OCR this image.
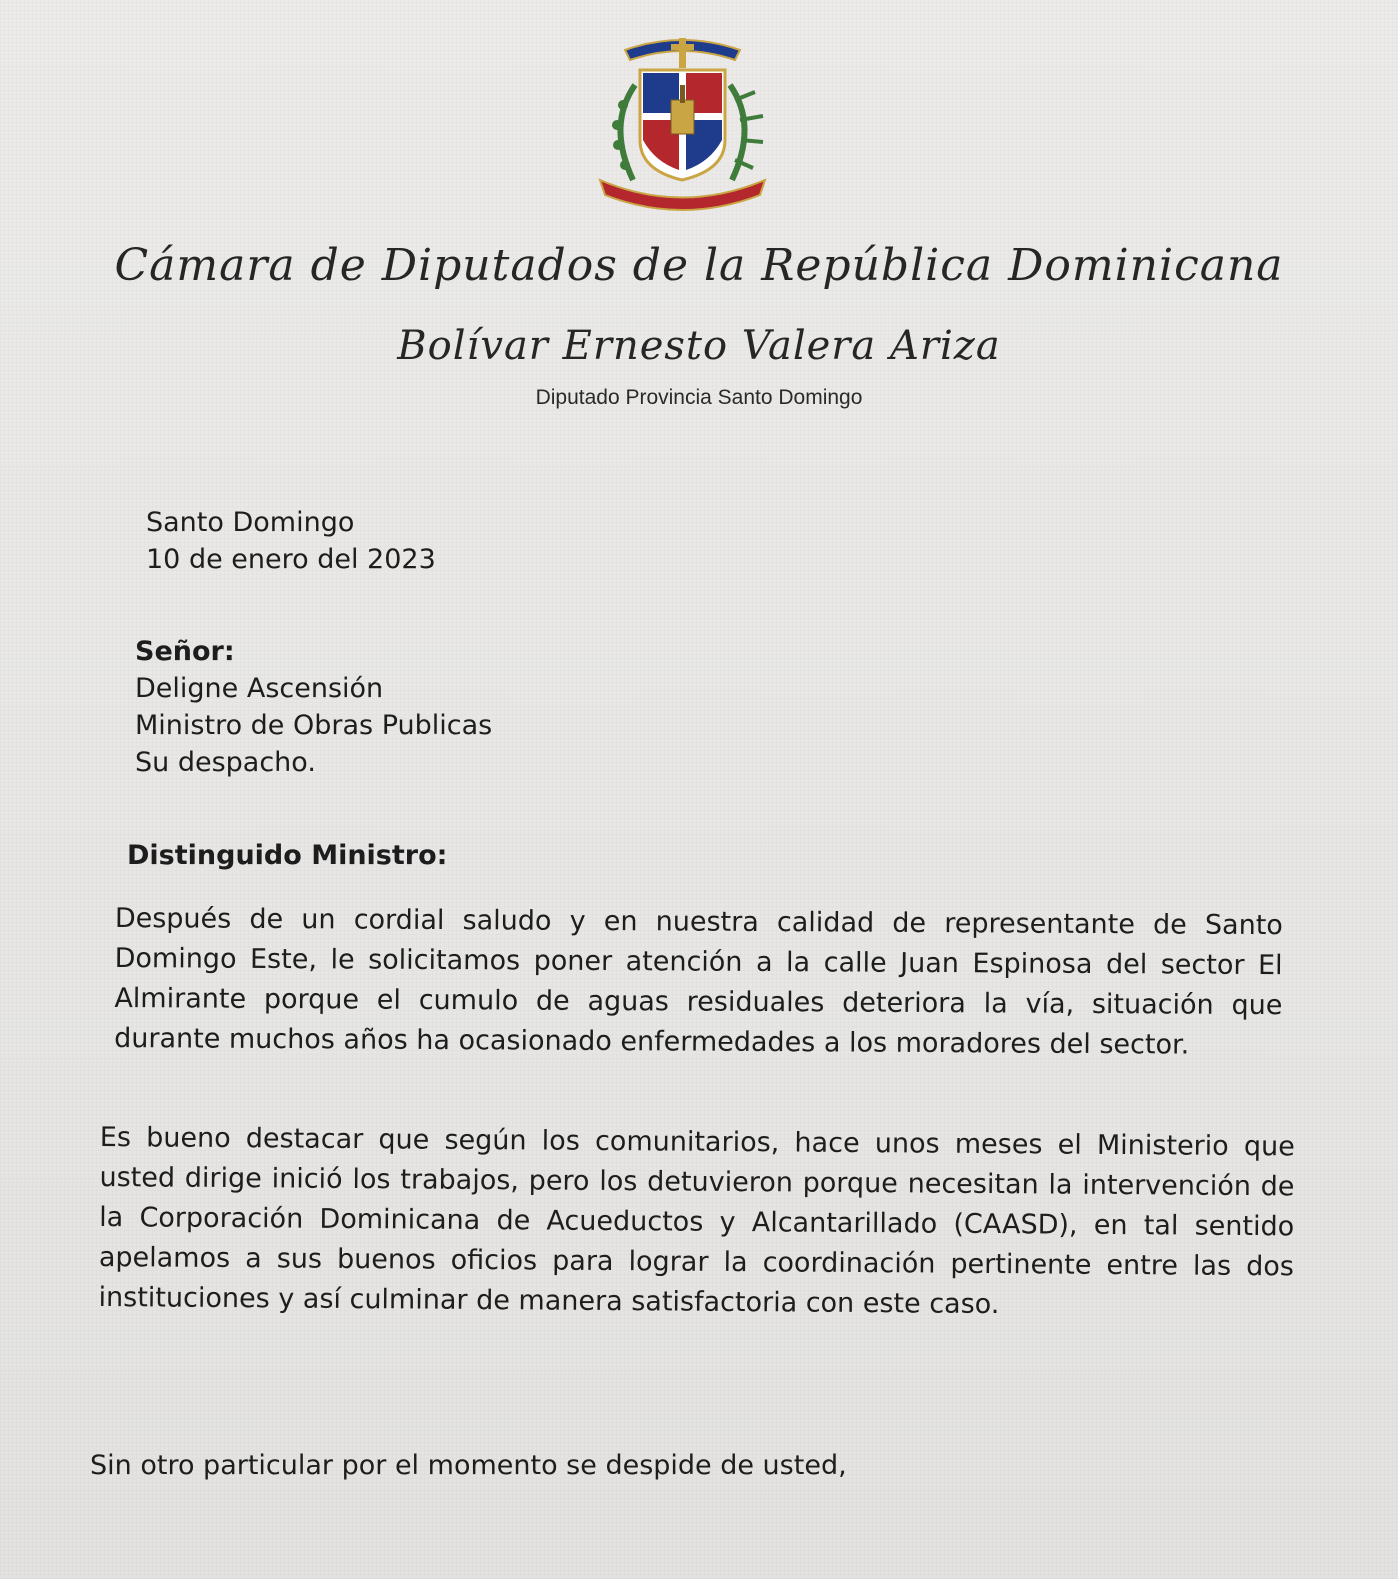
Cámara de Diputados de la República Dominicana
Bolívar Ernesto Valera Ariza
Diputado Provincia Santo Domingo
Santo Domingo
10 de enero del 2023
Señor:
Deligne Ascensión
Ministro de Obras Publicas
Su despacho.
Distinguido Ministro:

Después de un cordial saludo y en nuestra calidad de representante de Santo Domingo Este, le solicitamos poner atención a la calle Juan Espinosa del sector El Almirante porque el cumulo de aguas residuales deteriora la vía, situación que durante muchos años ha ocasionado enfermedades a los moradores del sector.

Es bueno destacar que según los comunitarios, hace unos meses el Ministerio que usted dirige inició los trabajos, pero los detuvieron porque necesitan la intervención de la Corporación Dominicana de Acueductos y Alcantarillado (CAASD), en tal sentido apelamos a sus buenos oficios para lograr la coordinación pertinente entre las dos instituciones y así culminar de manera satisfactoria con este caso.

Sin otro particular por el momento se despide de usted,
